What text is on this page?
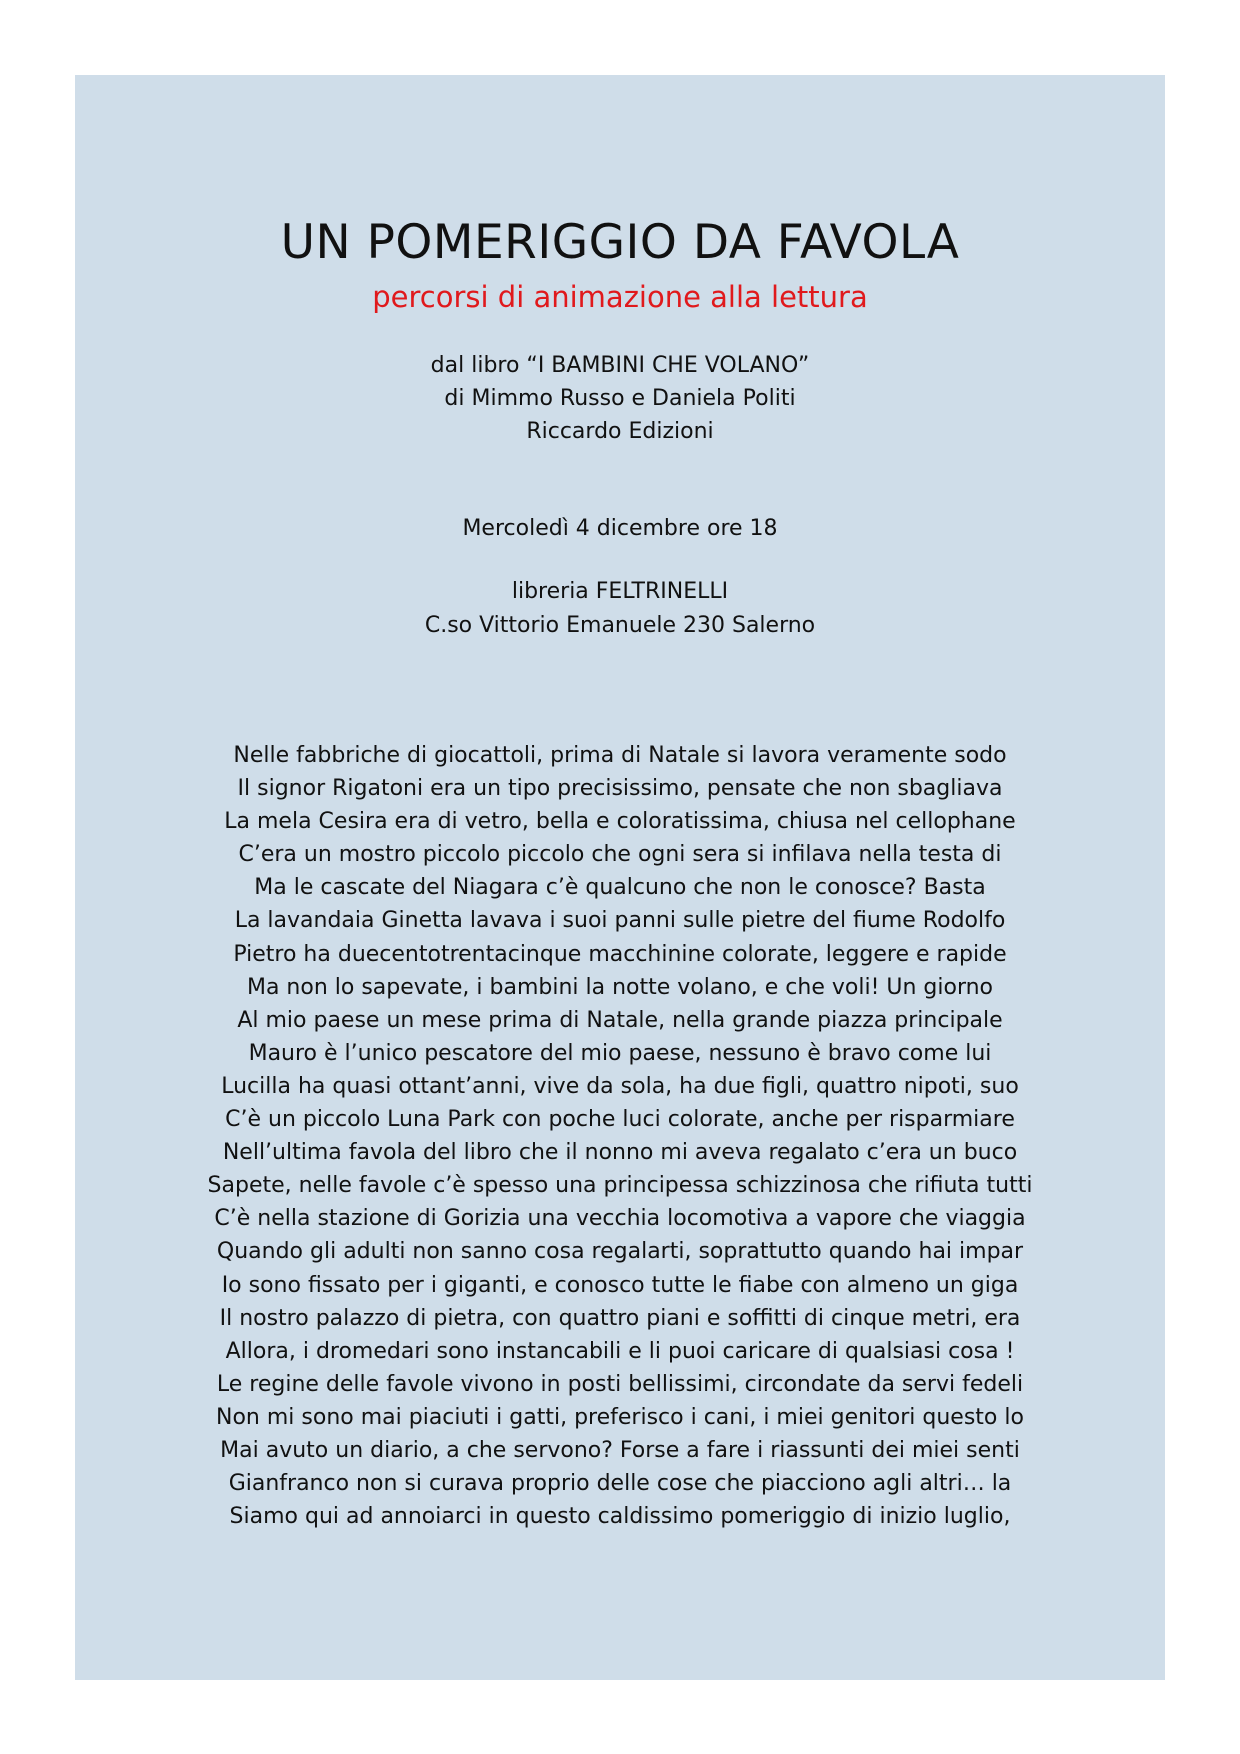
UN POMERIGGIO DA FAVOLA
percorsi di animazione alla lettura
dal libro “I BAMBINI CHE VOLANO”
di Mimmo Russo e Daniela Politi
Riccardo Edizioni
Mercoledì 4 dicembre ore 18
libreria FELTRINELLI
C.so Vittorio Emanuele 230 Salerno
Nelle fabbriche di giocattoli, prima di Natale si lavora veramente sodo
Il signor Rigatoni era un tipo precisissimo, pensate che non sbagliava
La mela Cesira era di vetro, bella e coloratissima, chiusa nel cellophane
C’era un mostro piccolo piccolo che ogni sera si infilava nella testa di
Ma le cascate del Niagara c’è qualcuno che non le conosce? Basta
La lavandaia Ginetta lavava i suoi panni sulle pietre del fiume Rodolfo
Pietro ha duecentotrentacinque macchinine colorate, leggere e rapide
Ma non lo sapevate, i bambini la notte volano, e che voli! Un giorno
Al mio paese un mese prima di Natale, nella grande piazza principale
Mauro è l’unico pescatore del mio paese, nessuno è bravo come lui
Lucilla ha quasi ottant’anni, vive da sola, ha due figli, quattro nipoti, suo
C’è un piccolo Luna Park con poche luci colorate, anche per risparmiare
Nell’ultima favola del libro che il nonno mi aveva regalato c’era un buco
Sapete, nelle favole c’è spesso una principessa schizzinosa che rifiuta tutti
C’è nella stazione di Gorizia una vecchia locomotiva a vapore che viaggia
Quando gli adulti non sanno cosa regalarti, soprattutto quando hai impar
Io sono fissato per i giganti, e conosco tutte le fiabe con almeno un giga
Il nostro palazzo di pietra, con quattro piani e soffitti di cinque metri, era
Allora, i dromedari sono instancabili e li puoi caricare di qualsiasi cosa !
Le regine delle favole vivono in posti bellissimi, circondate da servi fedeli
Non mi sono mai piaciuti i gatti, preferisco i cani, i miei genitori questo lo
Mai avuto un diario, a che servono? Forse a fare i riassunti dei miei senti
Gianfranco non si curava proprio delle cose che piacciono agli altri… la
Siamo qui ad annoiarci in questo caldissimo pomeriggio di inizio luglio,
